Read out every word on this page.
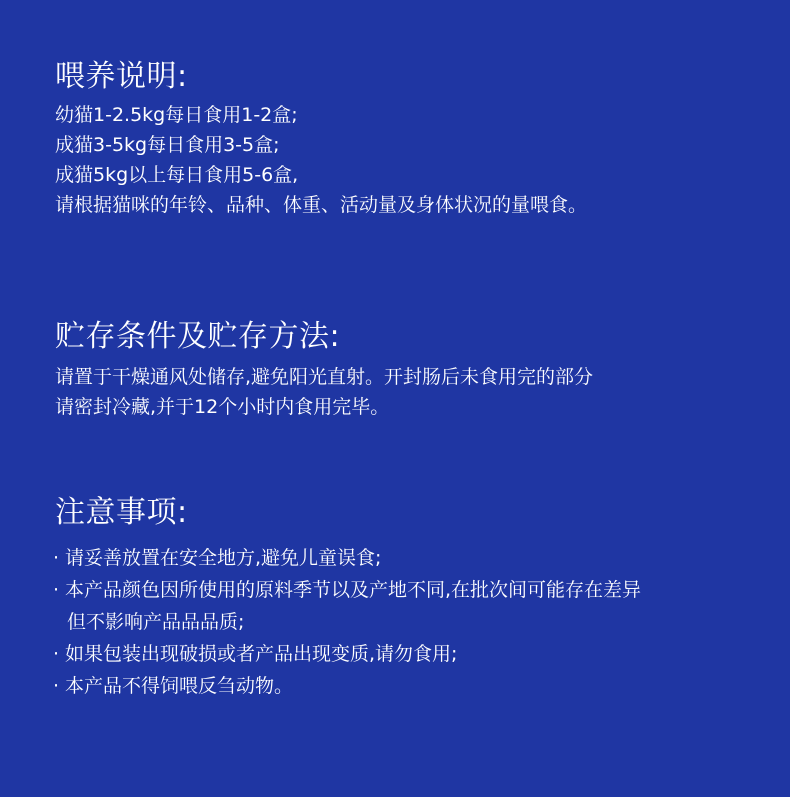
喂养说明:
幼猫1-2.5kg每日食用1-2盒;
成猫3-5kg每日食用3-5盒;
成猫5kg以上每日食用5-6盒,
请根据猫咪的年铃、品种、体重、活动量及身体状况的量喂食。
贮存条件及贮存方法:
请置于干燥通风处储存,避免阳光直射。开封肠后未食用完的部分
请密封冷藏,并于12个小时内食用完毕。
注意事项:
· 请妥善放置在安全地方,避免儿童误食;
· 本产品颜色因所使用的原料季节以及产地不同,在批次间可能存在差异
但不影响产品品品质;
· 如果包装出现破损或者产品出现变质,请勿食用;
· 本产品不得饲喂反刍动物。
